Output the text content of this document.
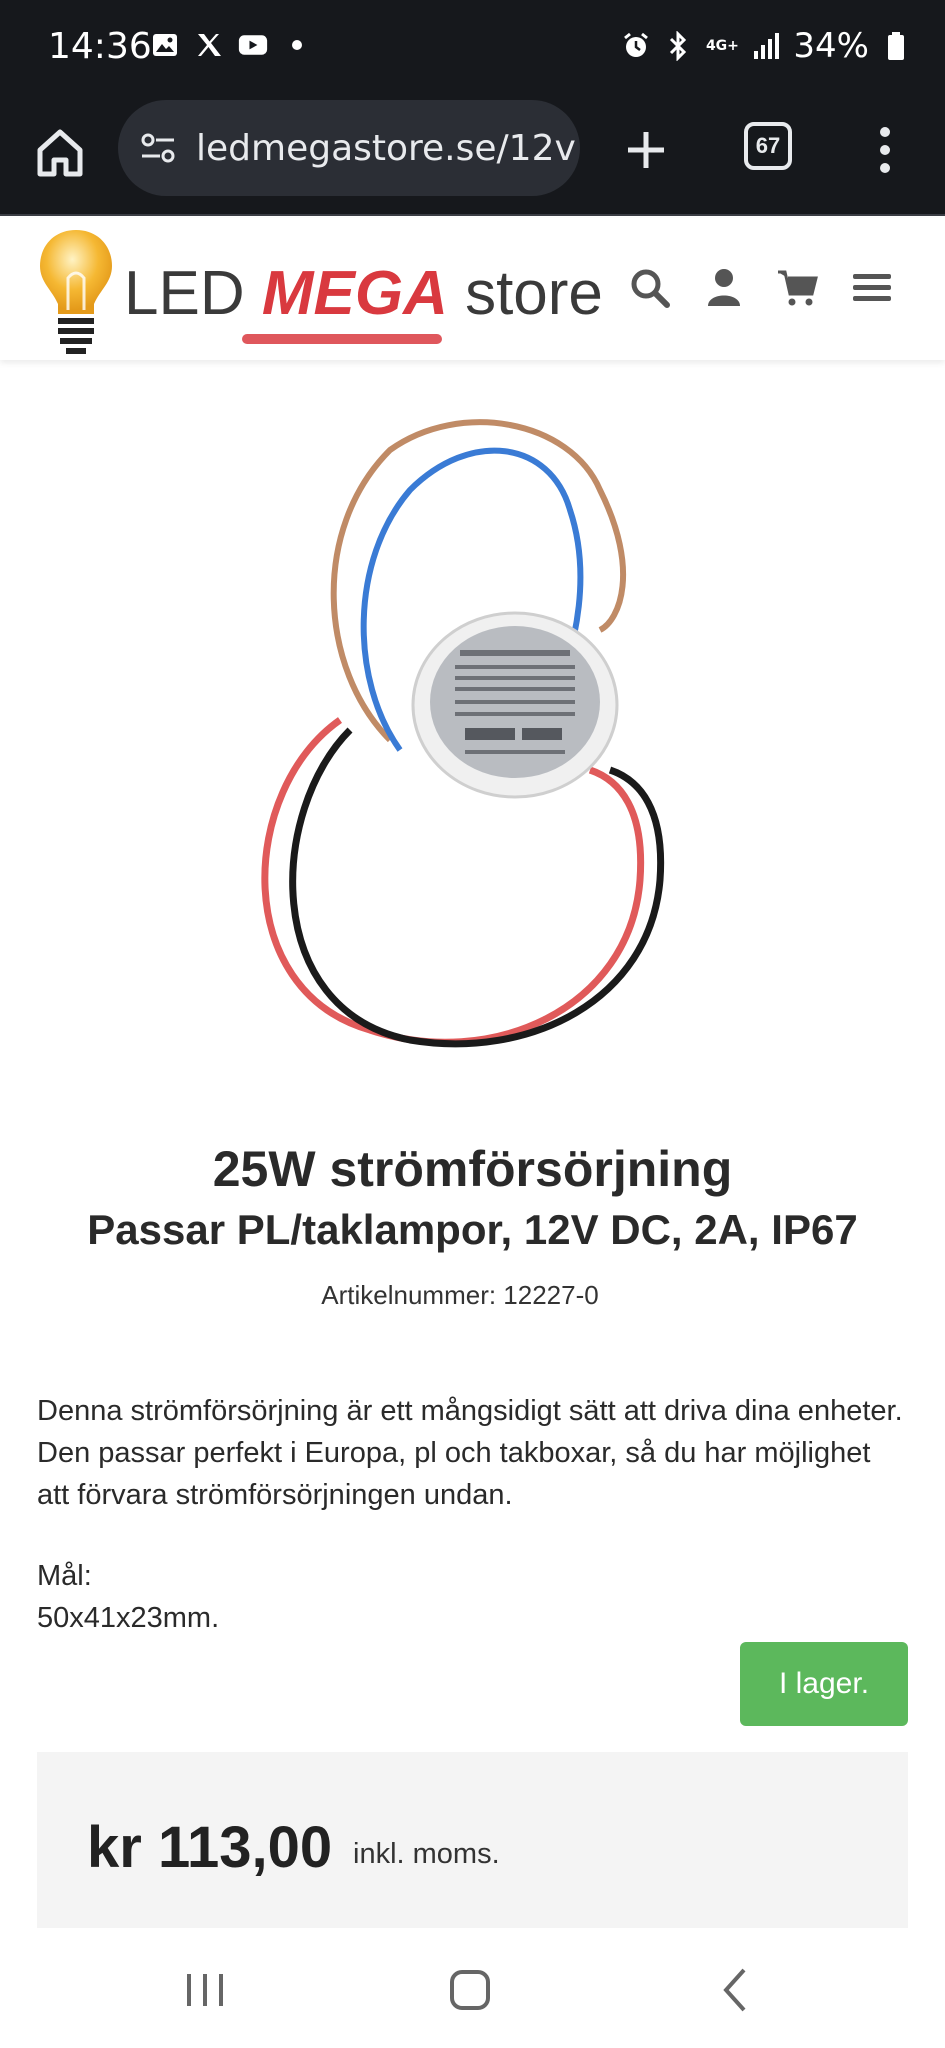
14:36	4G+ 34%
ledmegastore.se/12v	67
LED MEGA store
25W strömförsörjning
Passar PL/taklampor, 12V DC, 2A, IP67
Artikelnummer: 12227-0
Denna strömförsörjning är ett mångsidigt sätt att driva dina enheter. Den passar perfekt i Europa, pl och takboxar, så du har möjlighet att förvara strömförsörjningen undan.
Mål:
50x41x23mm.
I lager.
kr 113,00 inkl. moms.
